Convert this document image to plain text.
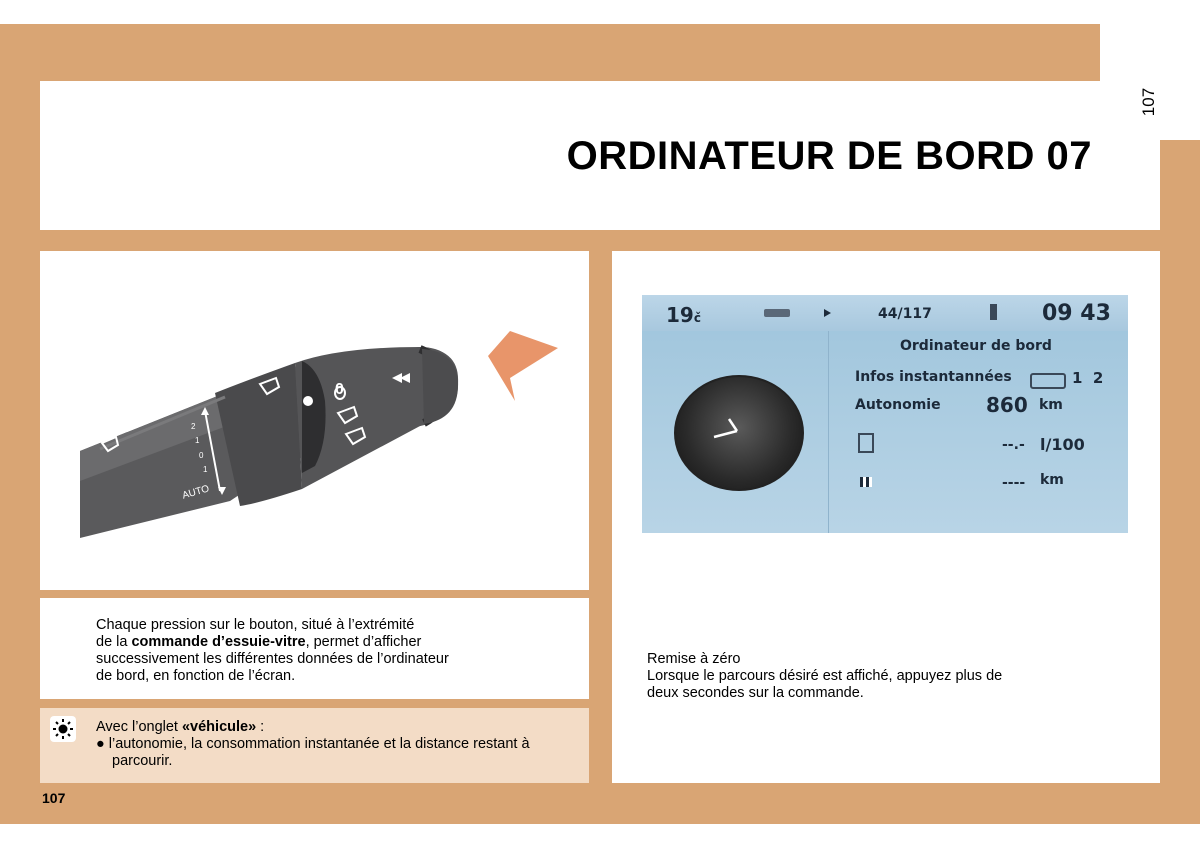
ORDINATEUR DE BORD 07
107
AUTO
2
1
0
1
0
Chaque pression sur le bouton, situé à l’extrémité
de la commande d’essuie-vitre, permet d’afficher
successivement les différentes données de l’ordinateur
de bord, en fonction de l’écran.
Avec l’onglet «véhicule» :
● l’autonomie, la consommation instantanée et la distance restant à
parcourir.
107
19č	44/117	09 43
Ordinateur de bord
Infos instantannées	1  2
Autonomie 860 km
--.- l/100
---- km
Remise à zéro
Lorsque le parcours désiré est affiché, appuyez plus de
deux secondes sur la commande.
